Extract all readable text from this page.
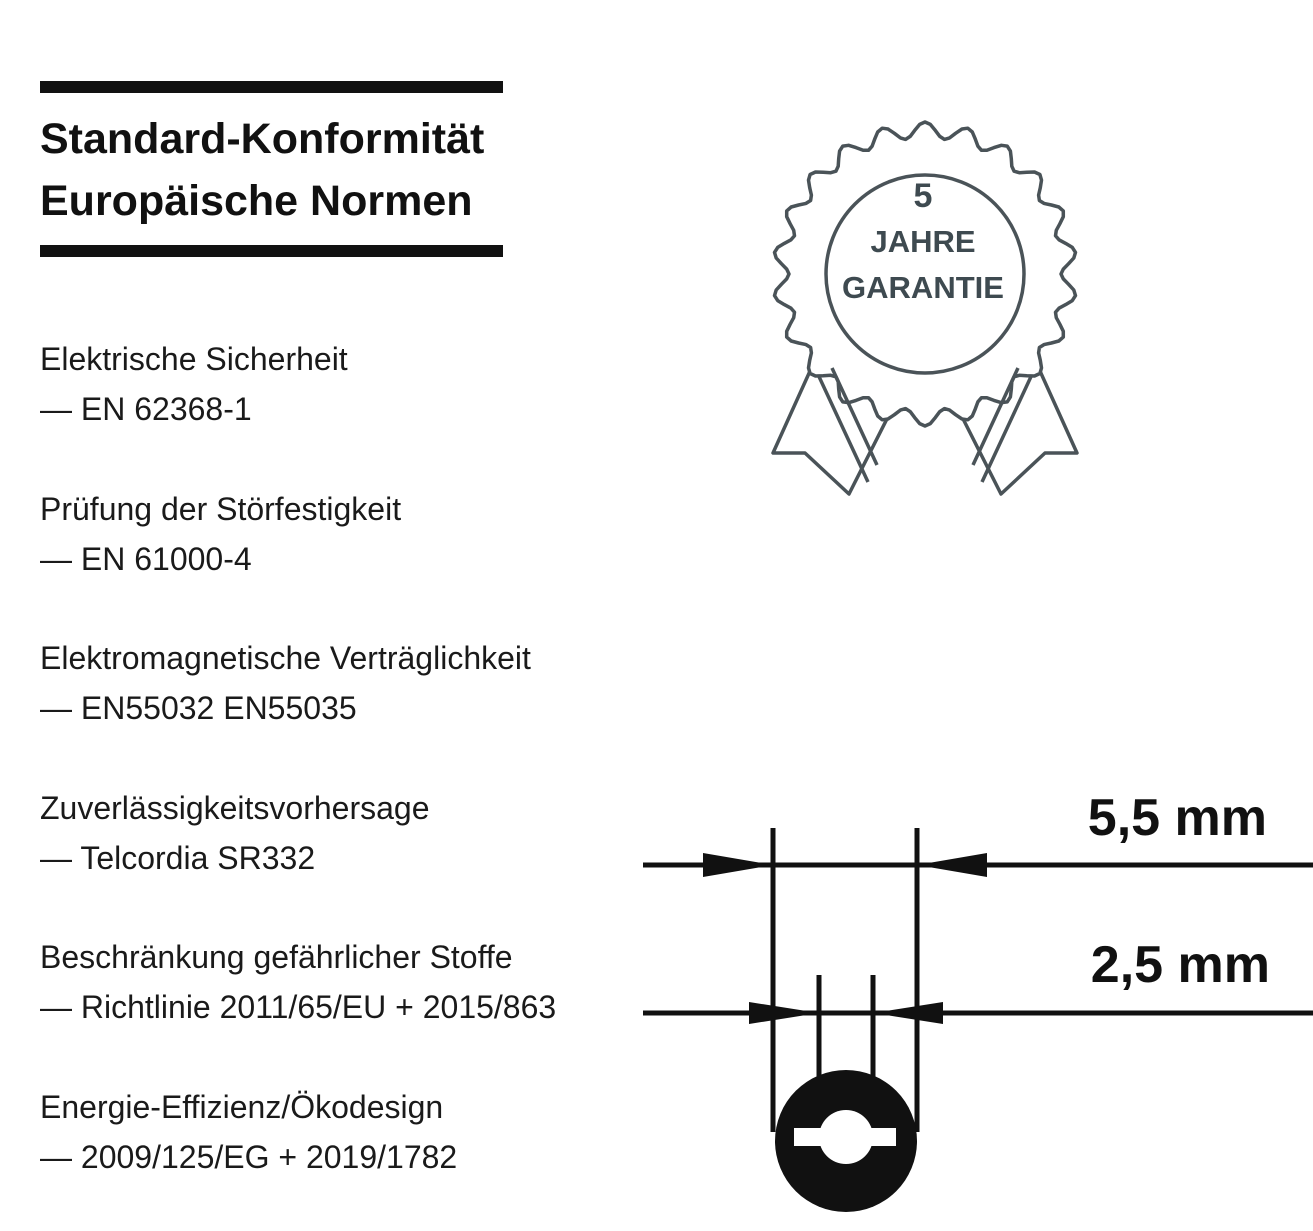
Standard-Konformität
Europäische Normen
Elektrische Sicherheit
— EN 62368-1
Prüfung der Störfestigkeit
— EN 61000-4
Elektromagnetische Verträglichkeit
— EN55032 EN55035
Zuverlässigkeitsvorhersage
— Telcordia SR332
Beschränkung gefährlicher Stoffe
— Richtlinie 2011/65/EU + 2015/863
Energie-Effizienz/Ökodesign
— 2009/125/EG + 2019/1782
5
JAHRE
GARANTIE
5,5 mm
2,5 mm
